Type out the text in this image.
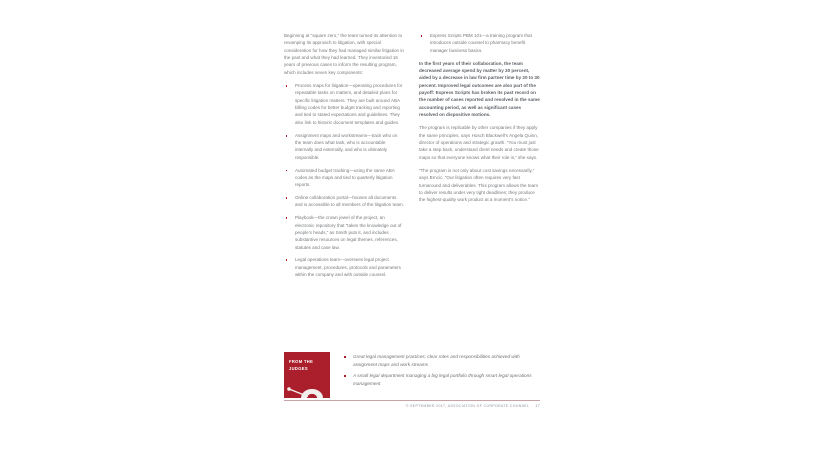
Beginning at “square zero,” the team turned its attention to revamping its approach to litigation, with special consideration for how they had managed similar litigation in the past and what they had learned. They inventoried 16 years of previous cases to inform the resulting program, which includes seven key components:

Process maps for litigation—operating procedures for repeatable tasks on matters, and detailed plans for specific litigation matters. They are built around ABA billing codes for better budget tracking and reporting and tied to stated expectations and guidelines. They also link to historic document templates and guides.
Assignment maps and workstreams—track who on the team does what task, who is accountable internally and externally, and who is ultimately responsible.
Automated budget tracking—using the same ABA codes as the maps and tied to quarterly litigation reports.
Online collaboration portal—houses all documents and is accessible to all members of the litigation team.
Playbook—the crown jewel of the project, an electronic repository that “takes the knowledge out of people’s heads,” as Smith puts it, and includes substantive resources on legal themes, references, statutes and case law.
Legal operations team—oversees legal project management, procedures, protocols and parameters within the company and with outside counsel.
Express Scripts PBM 101—a training program that introduces outside counsel to pharmacy benefit manager business basics.

In the first years of their collaboration, the team decreased average spend by matter by 30 percent, aided by a decrease in law firm partner time by 20 to 30 percent. Improved legal outcomes are also part of the payoff: Express Scripts has broken its past record on the number of cases reported and resolved in the same accounting period, as well as significant cases resolved on dispositive motions.

The program is replicable by other companies if they apply the same principles, says Husch Blackwell’s Angela Quinn, director of operations and strategic growth. “You must just take a step back, understand client needs and create those maps so that everyone knows what their role is,” she says.

“The program is not only about cost savings necessarily,” says Brncic. “Our litigation often requires very fast turnaround and deliverables. This program allows the team to deliver results under very tight deadlines; they produce the highest-quality work product at a moment’s notice.”

FROM THE JUDGES
Great legal management practices; clear roles and responsibilities achieved with assignment maps and work streams
A small legal department managing a big legal portfolio through smart legal operations management
© SEPTEMBER 2017, ASSOCIATION OF CORPORATE COUNSEL 17
